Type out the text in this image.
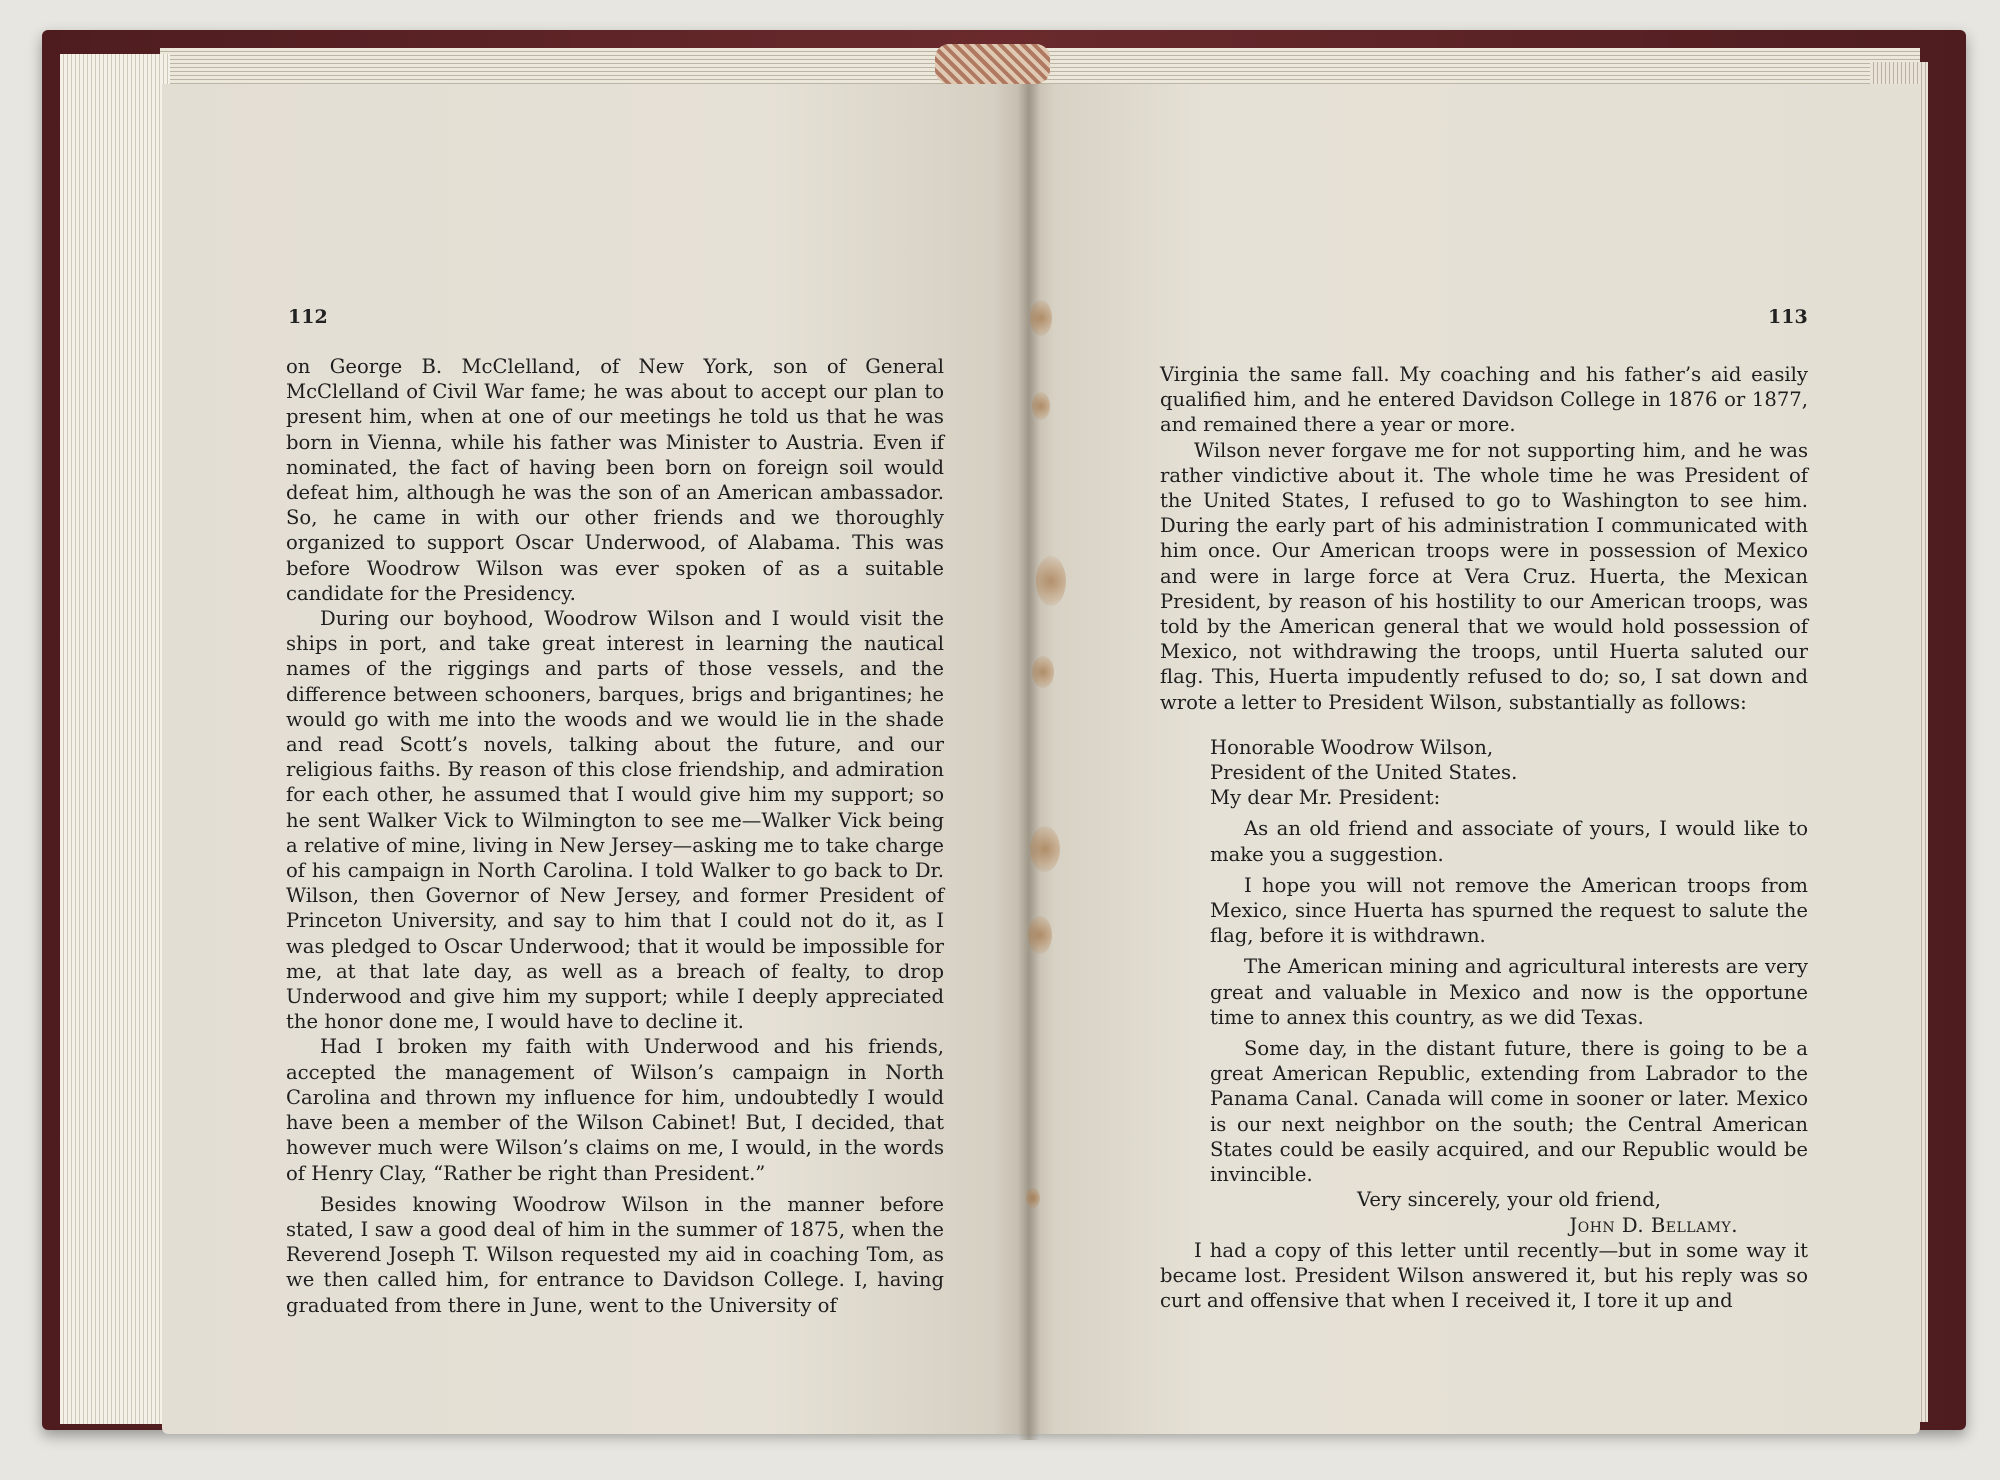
112

on George B. McClelland, of New York, son of General McClelland of Civil War fame; he was about to accept our plan to present him, when at one of our meetings he told us that he was born in Vienna, while his father was Minister to Austria. Even if nominated, the fact of having been born on foreign soil would defeat him, although he was the son of an American ambassador. So, he came in with our other friends and we thoroughly organized to support Oscar Underwood, of Alabama. This was before Woodrow Wilson was ever spoken of as a suitable candidate for the Presidency.

During our boyhood, Woodrow Wilson and I would visit the ships in port, and take great interest in learning the nautical names of the riggings and parts of those vessels, and the difference between schooners, barques, brigs and brigantines; he would go with me into the woods and we would lie in the shade and read Scott’s novels, talking about the future, and our religious faiths. By reason of this close friendship, and admiration for each other, he assumed that I would give him my support; so he sent Walker Vick to Wilmington to see me—Walker Vick being a relative of mine, living in New Jersey—asking me to take charge of his campaign in North Carolina. I told Walker to go back to Dr. Wilson, then Governor of New Jersey, and former President of Princeton University, and say to him that I could not do it, as I was pledged to Oscar Underwood; that it would be impossible for me, at that late day, as well as a breach of fealty, to drop Underwood and give him my support; while I deeply appreciated the honor done me, I would have to decline it.

Had I broken my faith with Underwood and his friends, accepted the management of Wilson’s campaign in North Carolina and thrown my influence for him, undoubtedly I would have been a member of the Wilson Cabinet! But, I decided, that however much were Wilson’s claims on me, I would, in the words of Henry Clay, “Rather be right than President.”

Besides knowing Woodrow Wilson in the manner before stated, I saw a good deal of him in the summer of 1875, when the Reverend Joseph T. Wilson requested my aid in coaching Tom, as we then called him, for entrance to Davidson College. I, having graduated from there in June, went to the University of

113

Virginia the same fall. My coaching and his father’s aid easily qualified him, and he entered Davidson College in 1876 or 1877, and remained there a year or more.

Wilson never forgave me for not supporting him, and he was rather vindictive about it. The whole time he was President of the United States, I refused to go to Washington to see him. During the early part of his administration I communicated with him once. Our American troops were in possession of Mexico and were in large force at Vera Cruz. Huerta, the Mexican President, by reason of his hostility to our American troops, was told by the American general that we would hold possession of Mexico, not withdrawing the troops, until Huerta saluted our flag. This, Huerta impudently refused to do; so, I sat down and wrote a letter to President Wilson, substantially as follows:

Honorable Woodrow Wilson,
President of the United States.

My dear Mr. President:

As an old friend and associate of yours, I would like to make you a suggestion.

I hope you will not remove the American troops from Mexico, since Huerta has spurned the request to salute the flag, before it is withdrawn.

The American mining and agricultural interests are very great and valuable in Mexico and now is the opportune time to annex this country, as we did Texas.

Some day, in the distant future, there is going to be a great American Republic, extending from Labrador to the Panama Canal. Canada will come in sooner or later. Mexico is our next neighbor on the south; the Central American States could be easily acquired, and our Republic would be invincible.

Very sincerely, your old friend,

John D. Bellamy.

I had a copy of this letter until recently—but in some way it became lost. President Wilson answered it, but his reply was so curt and offensive that when I received it, I tore it up and
